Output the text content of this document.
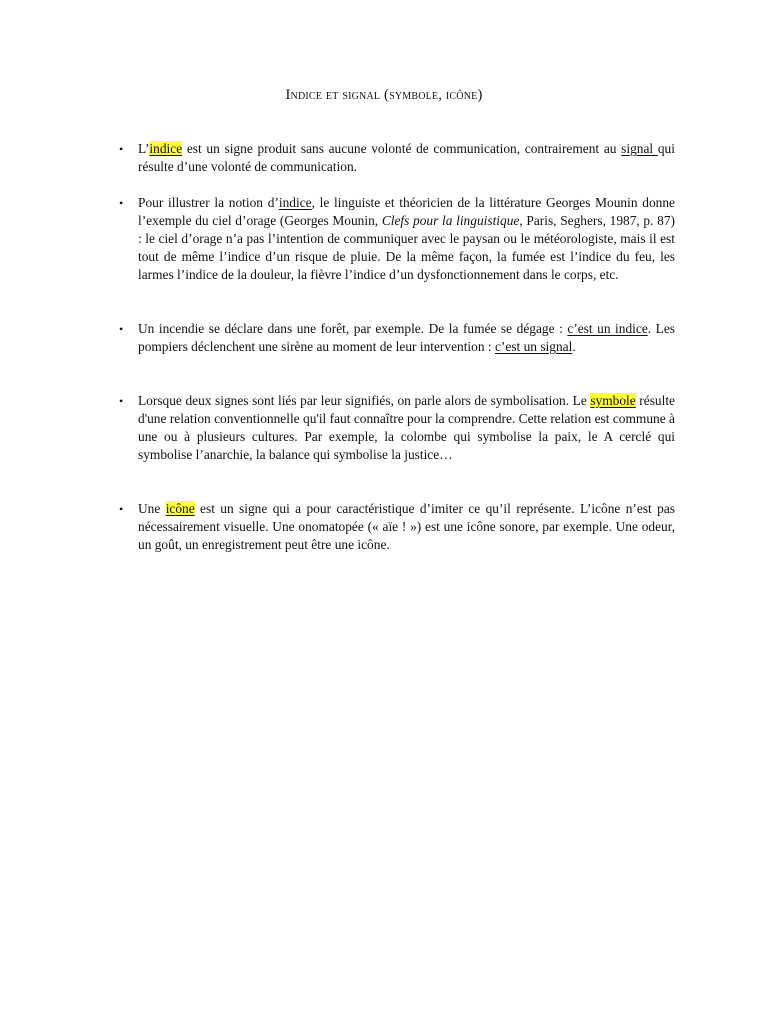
Indice et signal (symbole, icône)
• L’indice est un signe produit sans aucune volonté de communication, contrairement au signal qui résulte d’une volonté de communication.
• Pour illustrer la notion d’indice, le linguiste et théoricien de la littérature Georges Mounin donne l’exemple du ciel d’orage (Georges Mounin, Clefs pour la linguistique, Paris, Seghers, 1987, p. 87) : le ciel d’orage n’a pas l’intention de communiquer avec le paysan ou le météorologiste, mais il est tout de même l’indice d’un risque de pluie. De la même façon, la fumée est l’indice du feu, les larmes l’indice de la douleur, la fièvre l’indice d’un dysfonctionnement dans le corps, etc.
• Un incendie se déclare dans une forêt, par exemple. De la fumée se dégage : c’est un indice. Les pompiers déclenchent une sirène au moment de leur intervention : c’est un signal.
• Lorsque deux signes sont liés par leur signifiés, on parle alors de symbolisation. Le symbole résulte d'une relation conventionnelle qu'il faut connaître pour la comprendre. Cette relation est commune à une ou à plusieurs cultures. Par exemple, la colombe qui symbolise la paix, le A cerclé qui symbolise l’anarchie, la balance qui symbolise la justice…
• Une icône est un signe qui a pour caractéristique d’imiter ce qu’il représente. L’icône n’est pas nécessairement visuelle. Une onomatopée (« aïe ! ») est une icône sonore, par exemple. Une odeur, un goût, un enregistrement peut être une icône.
